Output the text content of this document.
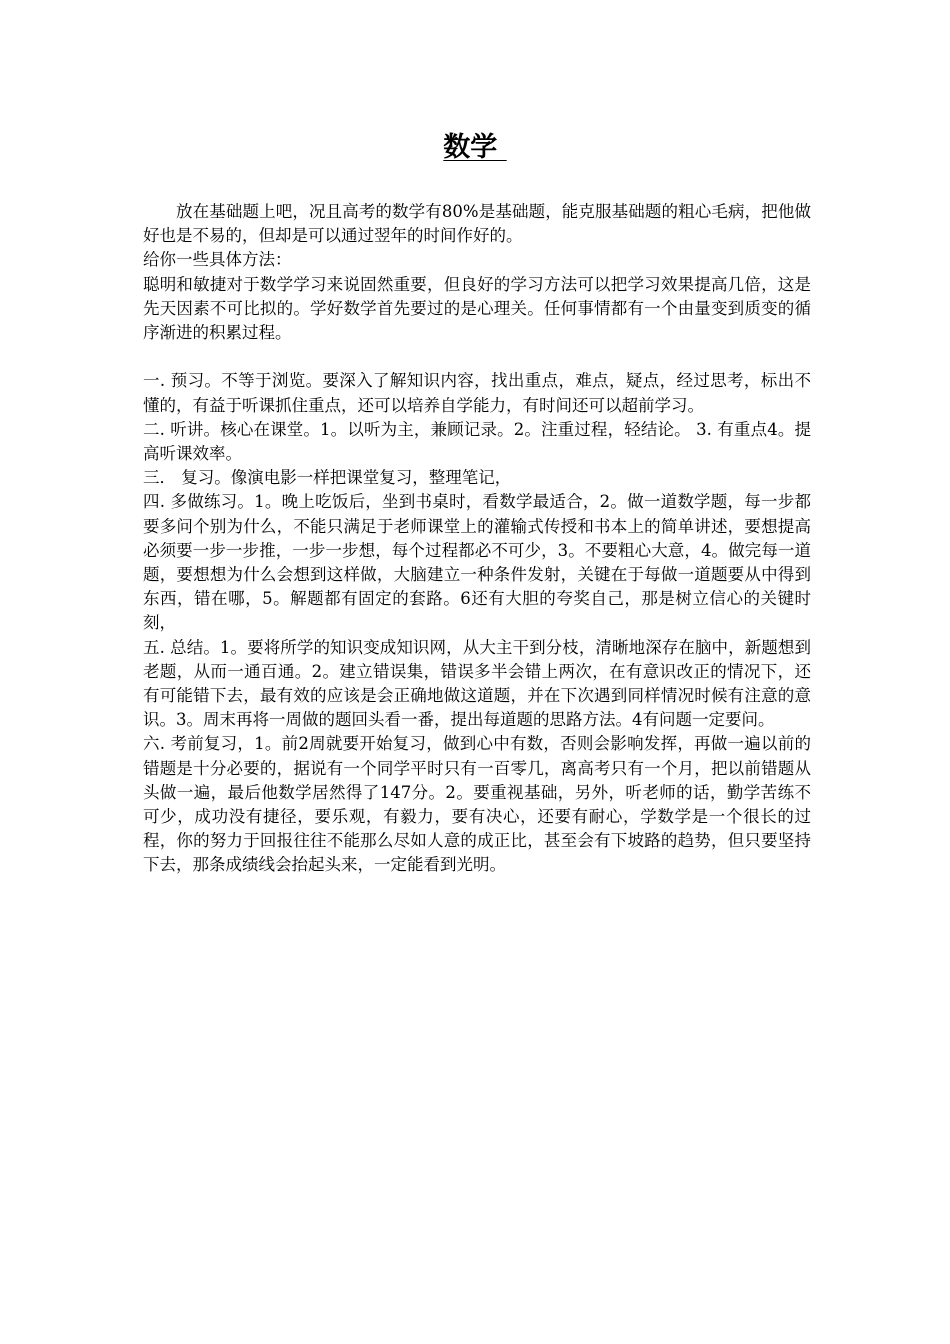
数学

放在基础题上吧，况且高考的数学有80%是基础题，能克服基础题的粗心毛病，把他做好也是不易的，但却是可以通过翌年的时间作好的。

给你一些具体方法：

聪明和敏捷对于数学学习来说固然重要，但良好的学习方法可以把学习效果提高几倍，这是先天因素不可比拟的。学好数学首先要过的是心理关。任何事情都有一个由量变到质变的循序渐进的积累过程。

一. 预习。不等于浏览。要深入了解知识内容，找出重点，难点，疑点，经过思考，标出不懂的，有益于听课抓住重点，还可以培养自学能力，有时间还可以超前学习。

二. 听讲。核心在课堂。1。以听为主，兼顾记录。2。注重过程，轻结论。 3. 有重点4。提高听课效率。

三． 复习。像演电影一样把课堂复习，整理笔记，

四. 多做练习。1。晚上吃饭后，坐到书桌时，看数学最适合，2。做一道数学题，每一步都要多问个别为什么，不能只满足于老师课堂上的灌输式传授和书本上的简单讲述，要想提高必须要一步一步推，一步一步想，每个过程都必不可少，3。不要粗心大意，4。做完每一道题，要想想为什么会想到这样做，大脑建立一种条件发射，关键在于每做一道题要从中得到东西，错在哪，5。解题都有固定的套路。6还有大胆的夸奖自己，那是树立信心的关键时刻，

五. 总结。1。要将所学的知识变成知识网，从大主干到分枝，清晰地深存在脑中，新题想到老题，从而一通百通。2。建立错误集，错误多半会错上两次，在有意识改正的情况下，还有可能错下去，最有效的应该是会正确地做这道题，并在下次遇到同样情况时候有注意的意识。3。周末再将一周做的题回头看一番，提出每道题的思路方法。4有问题一定要问。

六. 考前复习，1。前2周就要开始复习，做到心中有数，否则会影响发挥，再做一遍以前的错题是十分必要的，据说有一个同学平时只有一百零几，离高考只有一个月，把以前错题从头做一遍，最后他数学居然得了147分。2。要重视基础，另外，听老师的话，勤学苦练不可少，成功没有捷径，要乐观，有毅力，要有决心，还要有耐心，学数学是一个很长的过程，你的努力于回报往往不能那么尽如人意的成正比，甚至会有下坡路的趋势，但只要坚持下去，那条成绩线会抬起头来，一定能看到光明。
